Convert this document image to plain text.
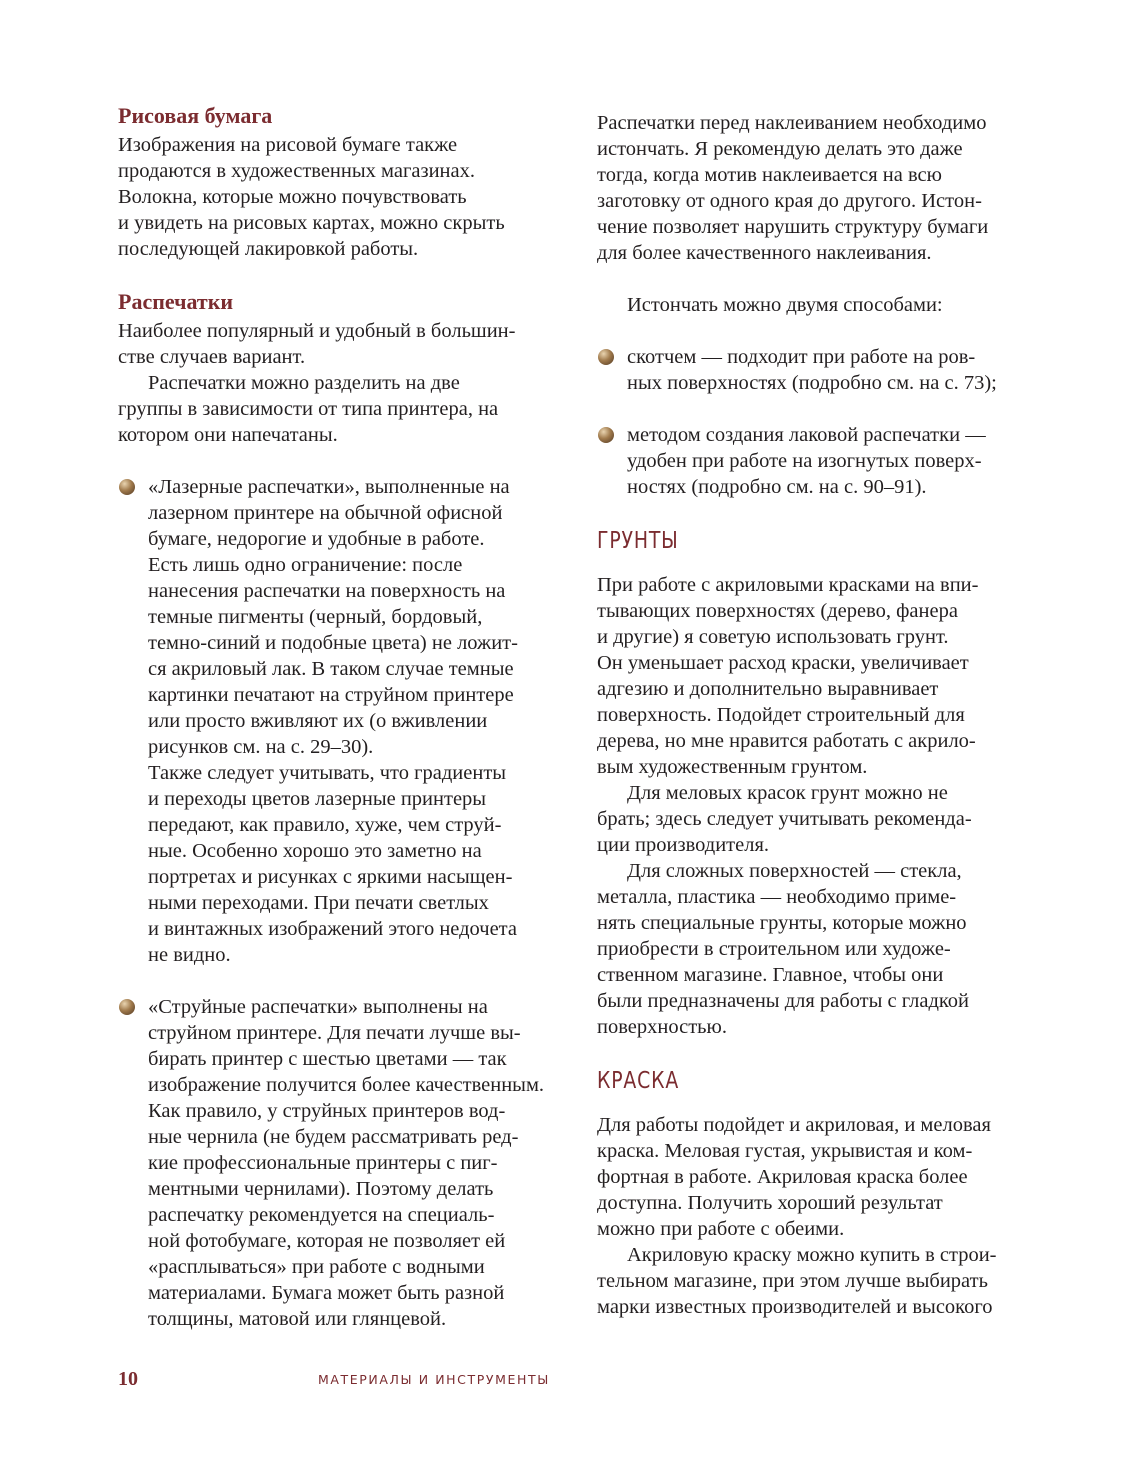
Рисовая бумага
Изображения на рисовой бумаге также
продаются в художественных магазинах.
Волокна, которые можно почувствовать
и увидеть на рисовых картах, можно скрыть
последующей лакировкой работы.
Распечатки
Наиболее популярный и удобный в большин-
стве случаев вариант.
Распечатки можно разделить на две
группы в зависимости от типа принтера, на
котором они напечатаны.
«Лазерные распечатки», выполненные на
лазерном принтере на обычной офисной
бумаге, недорогие и удобные в работе.
Есть лишь одно ограничение: после
нанесения распечатки на поверхность на
темные пигменты (черный, бордовый,
темно-синий и подобные цвета) не ложит-
ся акриловый лак. В таком случае темные
картинки печатают на струйном принтере
или просто вживляют их (о вживлении
рисунков см. на с. 29–30).
Также следует учитывать, что градиенты
и переходы цветов лазерные принтеры
передают, как правило, хуже, чем струй-
ные. Особенно хорошо это заметно на
портретах и рисунках с яркими насыщен-
ными переходами. При печати светлых
и винтажных изображений этого недочета
не видно.
«Струйные распечатки» выполнены на
струйном принтере. Для печати лучше вы-
бирать принтер с шестью цветами — так
изображение получится более качественным.
Как правило, у струйных принтеров вод-
ные чернила (не будем рассматривать ред-
кие профессиональные принтеры с пиг-
ментными чернилами). Поэтому делать
распечатку рекомендуется на специаль-
ной фотобумаге, которая не позволяет ей
«расплываться» при работе с водными
материалами. Бумага может быть разной
толщины, матовой или глянцевой.
Распечатки перед наклеиванием необходимо
истончать. Я рекомендую делать это даже
тогда, когда мотив наклеивается на всю
заготовку от одного края до другого. Истон-
чение позволяет нарушить структуру бумаги
для более качественного наклеивания.
Истончать можно двумя способами:
скотчем — подходит при работе на ров-
ных поверхностях (подробно см. на с. 73);
методом создания лаковой распечатки —
удобен при работе на изогнутых поверх-
ностях (подробно см. на с. 90–91).
ГРУНТЫ
При работе с акриловыми красками на впи-
тывающих поверхностях (дерево, фанера
и другие) я советую использовать грунт.
Он уменьшает расход краски, увеличивает
адгезию и дополнительно выравнивает
поверхность. Подойдет строительный для
дерева, но мне нравится работать с акрило-
вым художественным грунтом.
Для меловых красок грунт можно не
брать; здесь следует учитывать рекоменда-
ции производителя.
Для сложных поверхностей — стекла,
металла, пластика — необходимо приме-
нять специальные грунты, которые можно
приобрести в строительном или художе-
ственном магазине. Главное, чтобы они
были предназначены для работы с гладкой
поверхностью.
КРАСКА
Для работы подойдет и акриловая, и меловая
краска. Меловая густая, укрывистая и ком-
фортная в работе. Акриловая краска более
доступна. Получить хороший результат
можно при работе с обеими.
Акриловую краску можно купить в строи-
тельном магазине, при этом лучше выбирать
марки известных производителей и высокого
10	МАТЕРИАЛЫ И ИНСТРУМЕНТЫ
